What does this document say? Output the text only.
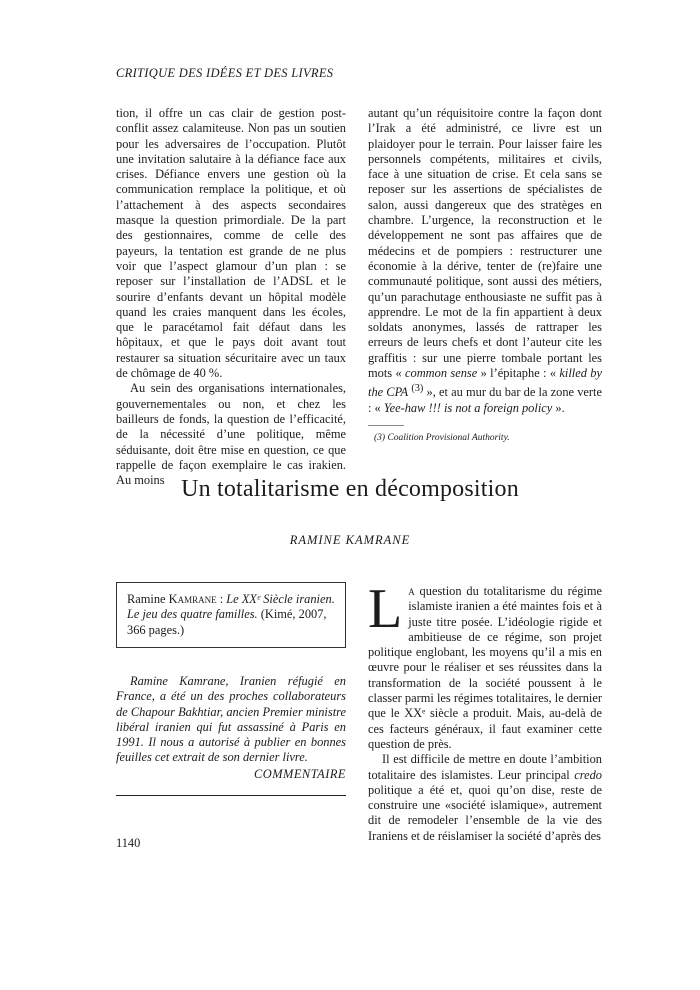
CRITIQUE DES IDÉES ET DES LIVRES

tion, il offre un cas clair de gestion post-conflit assez calamiteuse. Non pas un soutien pour les adversaires de l’occupation. Plutôt une invitation salutaire à la défiance face aux crises. Défiance envers une gestion où la communication remplace la politique, et où l’attachement à des aspects secondaires masque la question primordiale. De la part des gestionnaires, comme de celle des payeurs, la tentation est grande de ne plus voir que l’aspect glamour d’un plan : se reposer sur l’installation de l’ADSL et le sourire d’enfants devant un hôpital modèle quand les craies manquent dans les écoles, que le paracétamol fait défaut dans les hôpitaux, et que le pays doit avant tout restaurer sa situation sécuritaire avec un taux de chômage de 40 %.

Au sein des organisations internationales, gouvernementales ou non, et chez les bailleurs de fonds, la question de l’efficacité, de la nécessité d’une politique, même séduisante, doit être mise en question, ce que rappelle de façon exemplaire le cas irakien. Au moins

autant qu’un réquisitoire contre la façon dont l’Irak a été administré, ce livre est un plaidoyer pour le terrain. Pour laisser faire les personnels compétents, militaires et civils, face à une situation de crise. Et cela sans se reposer sur les assertions de spécialistes de salon, aussi dangereux que des stratèges en chambre. L’urgence, la reconstruction et le développement ne sont pas affaires que de médecins et de pompiers : restructurer une économie à la dérive, tenter de (re)faire une communauté politique, sont aussi des métiers, qu’un parachutage enthousiaste ne suffit pas à apprendre. Le mot de la fin appartient à deux soldats anonymes, lassés de rattraper les erreurs de leurs chefs et dont l’auteur cite les graffitis : sur une pierre tombale portant les mots « common sense » l’épitaphe : « killed by the CPA $^{(3)}$ », et au mur du bar de la zone verte : « Yee-haw !!! is not a foreign policy ».

(3) Coalition Provisional Authority.
Un totalitarisme en décomposition
RAMINE KAMRANE
Ramine Kamrane : Le XXᵉ Siècle iranien. Le jeu des quatre familles. (Kimé, 2007, 366 pages.)

Ramine Kamrane, Iranien réfugié en France, a été un des proches collaborateurs de Chapour Bakhtiar, ancien Premier ministre libéral iranien qui fut assassiné à Paris en 1991. Il nous a autorisé à publier en bonnes feuilles cet extrait de son dernier livre.

COMMENTAIRE

La question du totalitarisme du régime islamiste iranien a été maintes fois et à juste titre posée. L’idéologie rigide et ambitieuse de ce régime, son projet politique englobant, les moyens qu’il a mis en œuvre pour le réaliser et ses réussites dans la transformation de la société poussent à le classer parmi les régimes totalitaires, le dernier que le XXᵉ siècle a produit. Mais, au-delà de ces facteurs généraux, il faut examiner cette question de près.

Il est difficile de mettre en doute l’ambition totalitaire des islamistes. Leur principal credo politique a été et, quoi qu’on dise, reste de construire une «société islamique», autrement dit de remodeler l’ensemble de la vie des Iraniens et de réislamiser la société d’après des

1140
